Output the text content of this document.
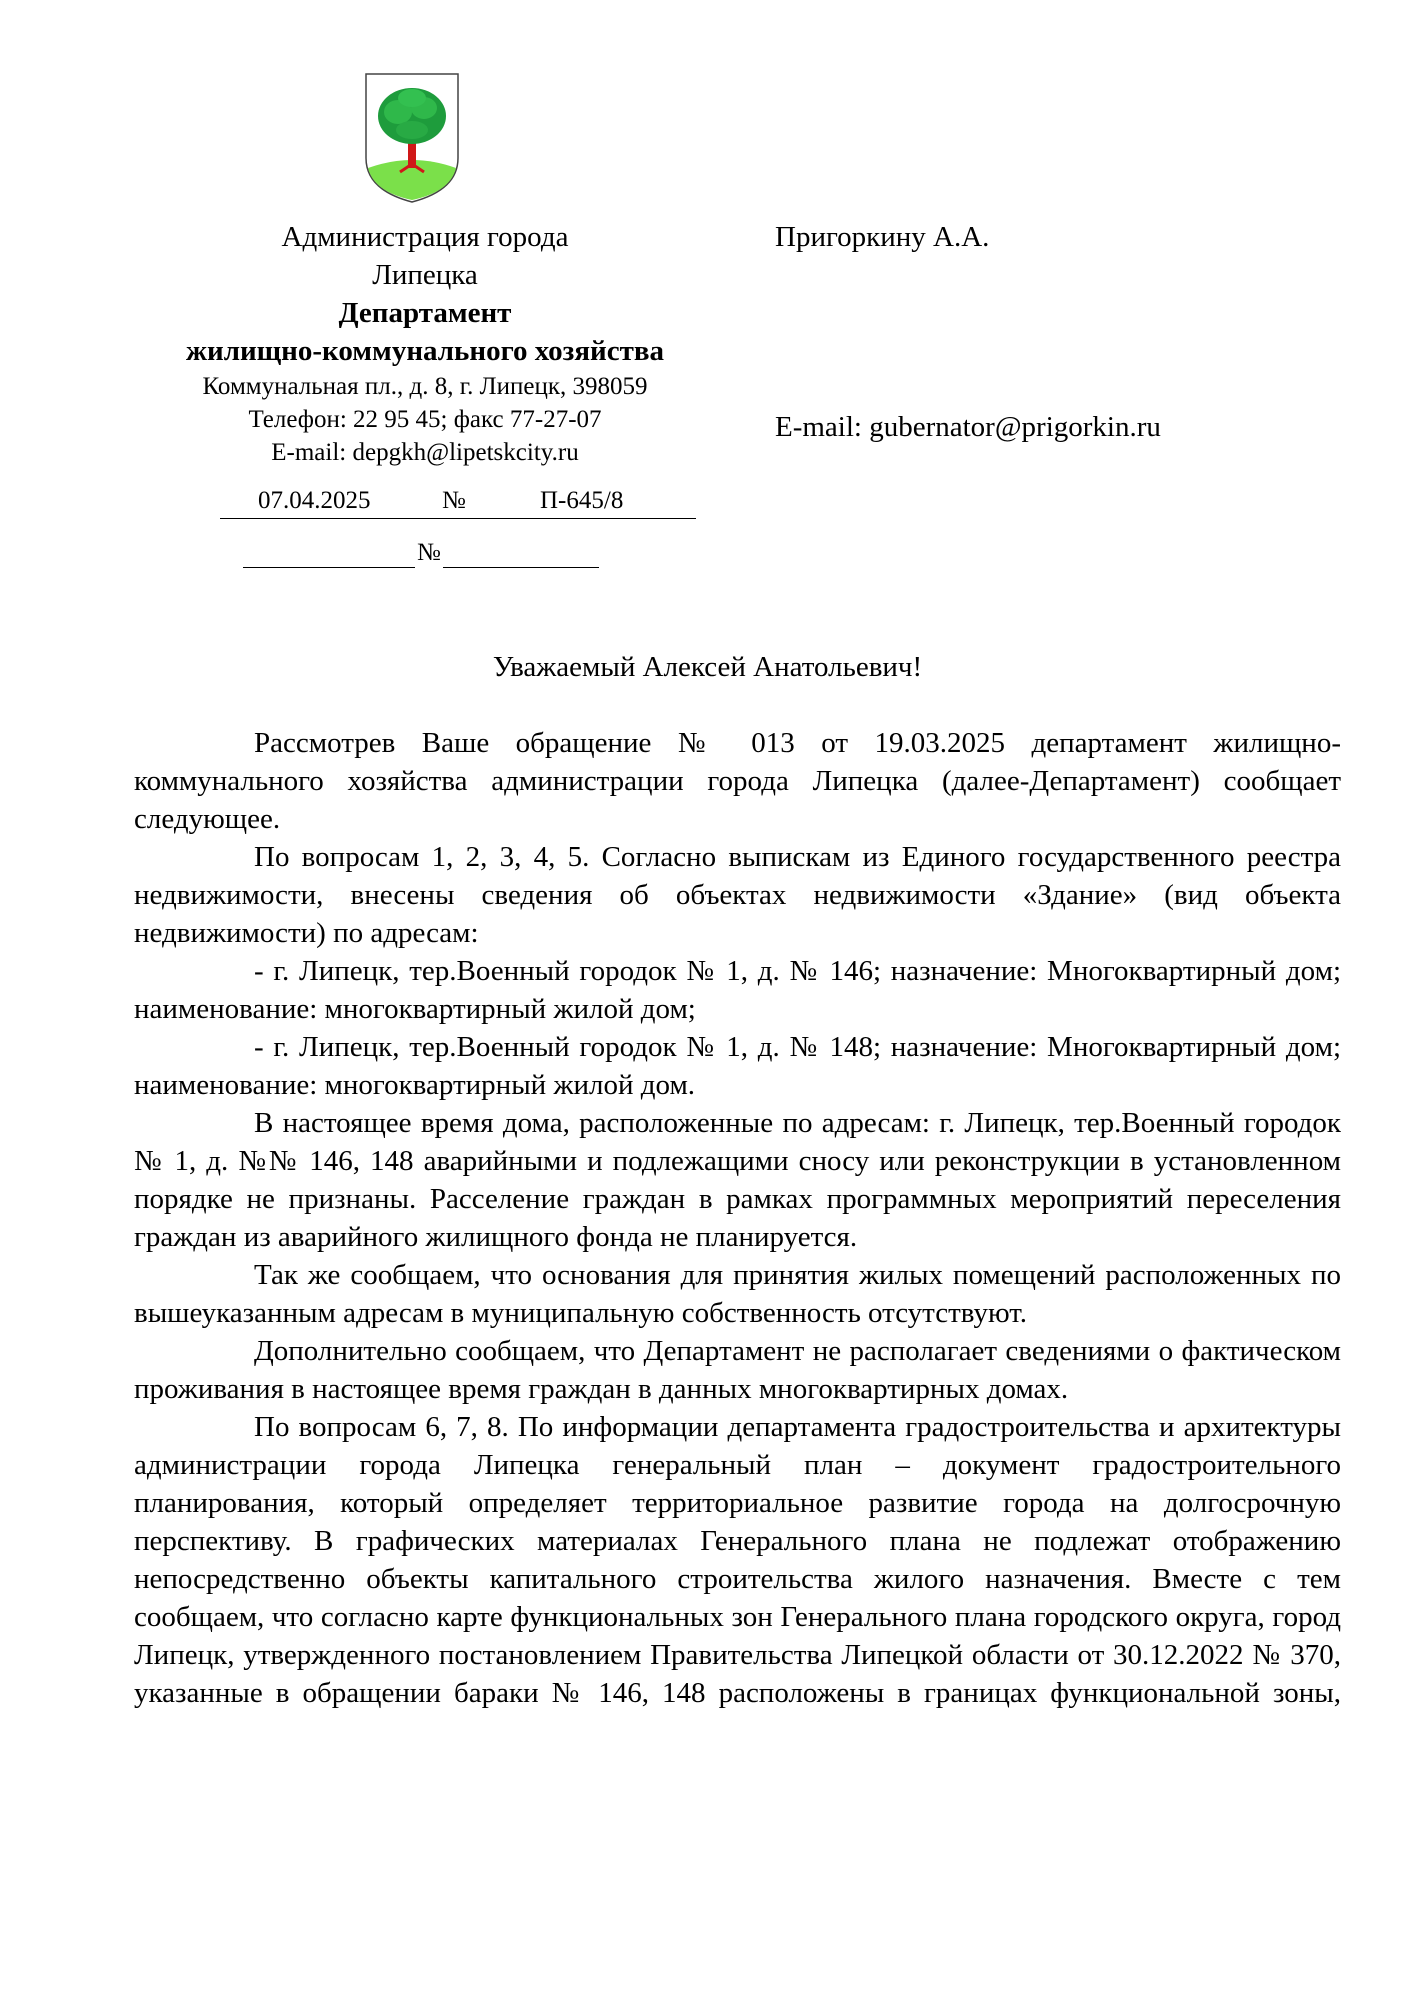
Администрация города
Липецка
Департамент
жилищно-коммунального хозяйства
Коммунальная пл., д. 8, г. Липецк, 398059
Телефон: 22 95 45; факс 77-27-07
E-mail: depgkh@lipetskcity.ru
07.04.2025	№	П-645/8
№
Пригоркину А.А.
E-mail: gubernator@prigorkin.ru
Уважаемый Алексей Анатольевич!

Рассмотрев Ваше обращение № 013 от 19.03.2025 департамент жилищно-коммунального хозяйства администрации города Липецка (далее-Департамент) сообщает следующее.

По вопросам 1, 2, 3, 4, 5. Согласно выпискам из Единого государственного реестра недвижимости, внесены сведения об объектах недвижимости «Здание» (вид объекта недвижимости) по адресам:

- г. Липецк, тер.Военный городок № 1, д. № 146; назначение: Многоквартирный дом; наименование: многоквартирный жилой дом;

- г. Липецк, тер.Военный городок № 1, д. № 148; назначение: Многоквартирный дом; наименование: многоквартирный жилой дом.

В настоящее время дома, расположенные по адресам: г. Липецк, тер.Военный городок № 1, д. №№ 146, 148 аварийными и подлежащими сносу или реконструкции в установленном порядке не признаны. Расселение граждан в рамках программных мероприятий переселения граждан из аварийного жилищного фонда не планируется.

Так же сообщаем, что основания для принятия жилых помещений расположенных по вышеуказанным адресам в муниципальную собственность отсутствуют.

Дополнительно сообщаем, что Департамент не располагает сведениями о фактическом проживания в настоящее время граждан в данных многоквартирных домах.

По вопросам 6, 7, 8. По информации департамента градостроительства и архитектуры администрации города Липецка генеральный план – документ градостроительного планирования, который определяет территориальное развитие города на долгосрочную перспективу. В графических материалах Генерального плана не подлежат отображению непосредственно объекты капитального строительства жилого назначения. Вместе с тем сообщаем, что согласно карте функциональных зон Генерального плана городского округа, город Липецк, утвержденного постановлением Правительства Липецкой области от 30.12.2022 № 370, указанные в обращении бараки № 146, 148 расположены в границах функциональной зоны,
